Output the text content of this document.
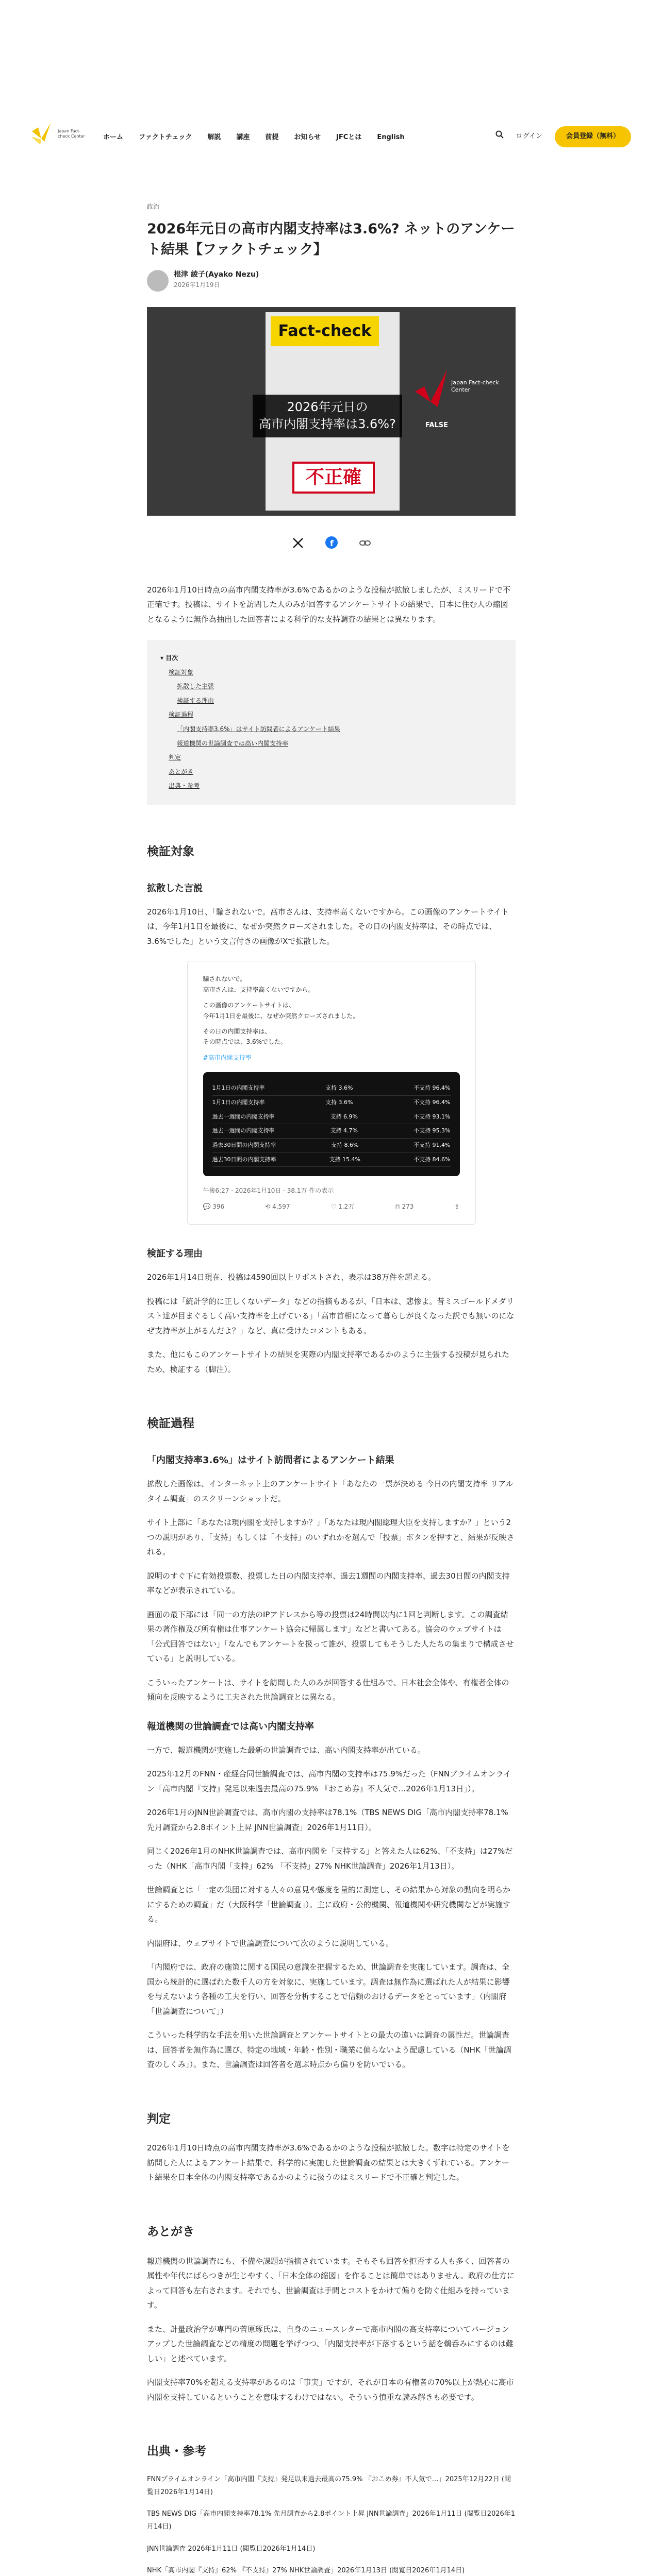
Japan Fact-check Center	ホーム ファクトチェック 解説 講座 前提 お知らせ JFCとは English	ログイン	会員登録（無料）
政治
2026年元日の高市内閣支持率は3.6%? ネットのアンケート結果【ファクトチェック】
根津 綾子(Ayako Nezu)
2026年1月19日
Fact-check
2026年元日の
高市内閣支持率は3.6%?
不正確
Japan Fact-check Center
FALSE
f

2026年1月10日時点の高市内閣支持率が3.6%であるかのような投稿が拡散しましたが、ミスリードで不正確です。投稿は、サイトを訪問した人のみが回答するアンケートサイトの結果で、日本に住む人の縮図となるように無作為抽出した回答者による科学的な支持調査の結果とは異なります。

▾ 目次
検証対象
拡散した主張
検証する理由
検証過程
「内閣支持率3.6%」はサイト訪問者によるアンケート結果
報道機関の世論調査では高い内閣支持率
判定
あとがき
出典・参考
検証対象
拡散した言説

2026年1月10日、「騙されないで。高市さんは、支持率高くないですから。この画像のアンケートサイトは、今年1月1日を最後に、なぜか突然クローズされました。その日の内閣支持率は、その時点では、3.6%でした」という文言付きの画像がXで拡散した。

騙されないで。
高市さんは、支持率高くないですから。
この画像のアンケートサイトは、
今年1月1日を最後に、なぜか突然クローズされました。
その日の内閣支持率は、
その時点では、3.6%でした。
#高市内閣支持率
1月1日の内閣支持率	支持 3.6%	不支持 96.4%
1月1日の内閣支持率	支持 3.6%	不支持 96.4%
過去一週間の内閣支持率	支持 6.9%	不支持 93.1%
過去一週間の内閣支持率	支持 4.7%	不支持 95.3%
過去30日間の内閣支持率	支持 8.6%	不支持 91.4%
過去30日間の内閣支持率	支持 15.4%	不支持 84.6%
午後6:27 · 2026年1月10日 · 38.1万 件の表示
💬 396	⟲ 4,597	♡ 1.2万	⊓ 273	⇪
検証する理由

2026年1月14日現在、投稿は4590回以上リポストされ、表示は38万件を超える。

投稿には「統計学的に正しくないデータ」などの指摘もあるが、「日本は、悲惨よ。昔ミスゴールドメダリスト達が目まぐるしく高い支持率を上げている」「高市首相になって暮らしが良くなった訳でも無いのになぜ支持率が上がるんだよ？」など、真に受けたコメントもある。

また、他にもこのアンケートサイトの結果を実際の内閣支持率であるかのように主張する投稿が見られたため、検証する（脚注）。

検証過程
「内閣支持率3.6%」はサイト訪問者によるアンケート結果

拡散した画像は、インターネット上のアンケートサイト「あなたの一票が決める 今日の内閣支持率 リアルタイム調査」のスクリーンショットだ。

サイト上部に「あなたは現内閣を支持しますか？」「あなたは現内閣総理大臣を支持しますか？」という2つの説明があり、「支持」もしくは「不支持」のいずれかを選んで「投票」ボタンを押すと、結果が反映される。

説明のすぐ下に有効投票数、投票した日の内閣支持率、過去1週間の内閣支持率、過去30日間の内閣支持率などが表示されている。

画面の最下部には「同一の方法のIPアドレスから等の投票は24時間以内に1回と判断します。この調査結果の著作権及び所有権は仕事アンケート協会に帰属します」などと書いてある。協会のウェブサイトは「公式回答ではない」「なんでもアンケートを扱って誰が、投票してもそうした人たちの集まりで構成させている」と説明している。

こういったアンケートは、サイトを訪問した人のみが回答する仕組みで、日本社会全体や、有権者全体の傾向を反映するように工夫された世論調査とは異なる。

報道機関の世論調査では高い内閣支持率

一方で、報道機関が実施した最新の世論調査では、高い内閣支持率が出ている。

2025年12月のFNN・産経合同世論調査では、高市内閣の支持率は75.9%だった（FNNプライムオンライン「高市内閣『支持』発足以来過去最高の75.9% 『おこめ券』不人気で…2026年1月13日」）。

2026年1月のJNN世論調査では、高市内閣の支持率は78.1%（TBS NEWS DIG「高市内閣支持率78.1% 先月調査から2.8ポイント上昇 JNN世論調査」2026年1月11日）。

同じく2026年1月のNHK世論調査では、高市内閣を「支持する」と答えた人は62%、「不支持」は27%だった（NHK「高市内閣「支持」62% 「不支持」27% NHK世論調査」2026年1月13日）。

世論調査とは「一定の集団に対する人々の意見や態度を量的に測定し、その結果から対象の動向を明らかにするための調査」だ（大阪科学「世論調査」）。主に政府・公的機関、報道機関や研究機関などが実施する。

内閣府は、ウェブサイトで世論調査について次のように説明している。

「内閣府では、政府の施策に関する国民の意識を把握するため、世論調査を実施しています。調査は、全国から統計的に選ばれた数千人の方を対象に、実施しています。調査は無作為に選ばれた人が結果に影響を与えないよう各種の工夫を行い、回答を分析することで信頼のおけるデータをとっています」（内閣府「世論調査について」）

こういった科学的な手法を用いた世論調査とアンケートサイトとの最大の違いは調査の属性だ。世論調査は、回答者を無作為に選び、特定の地域・年齢・性別・職業に偏らないよう配慮している（NHK「世論調査のしくみ」）。また、世論調査は回答者を選ぶ時点から偏りを防いでいる。

判定

2026年1月10日時点の高市内閣支持率が3.6%であるかのような投稿が拡散した。数字は特定のサイトを訪問した人によるアンケート結果で、科学的に実施した世論調査の結果とは大きくずれている。アンケート結果を日本全体の内閣支持率であるかのように扱うのはミスリードで不正確と判定した。

あとがき

報道機関の世論調査にも、不備や課題が指摘されています。そもそも回答を拒否する人も多く、回答者の属性や年代にばらつきが生じやすく、「日本全体の縮図」を作ることは簡単ではありません。政府の仕方によって回答も左右されます。それでも、世論調査は手間とコストをかけて偏りを防ぐ仕組みを持っています。

また、計量政治学が専門の菅原琢氏は、自身のニュースレターで高市内閣の高支持率についてバージョンアップした世論調査などの精度の問題を挙げつつ、「内閣支持率が下落するという話を鵜呑みにするのは難しい」と述べています。

内閣支持率70%を超える支持率があるのは「事実」ですが、それが日本の有権者の70%以上が熱心に高市内閣を支持しているということを意味するわけではない。そういう慎重な読み解きも必要です。

出典・参考

FNNプライムオンライン「高市内閣『支持』発足以来過去最高の75.9% 『おこめ券』不人気で…」2025年12月22日 (閲覧日2026年1月14日)

TBS NEWS DIG「高市内閣支持率78.1% 先月調査から2.8ポイント上昇 JNN世論調査」2026年1月11日 (閲覧日2026年1月14日)

JNN世論調査 2026年1月11日 (閲覧日2026年1月14日)

NHK「高市内閣『支持』62% 『不支持』27% NHK世論調査」2026年1月13日 (閲覧日2026年1月14日)
